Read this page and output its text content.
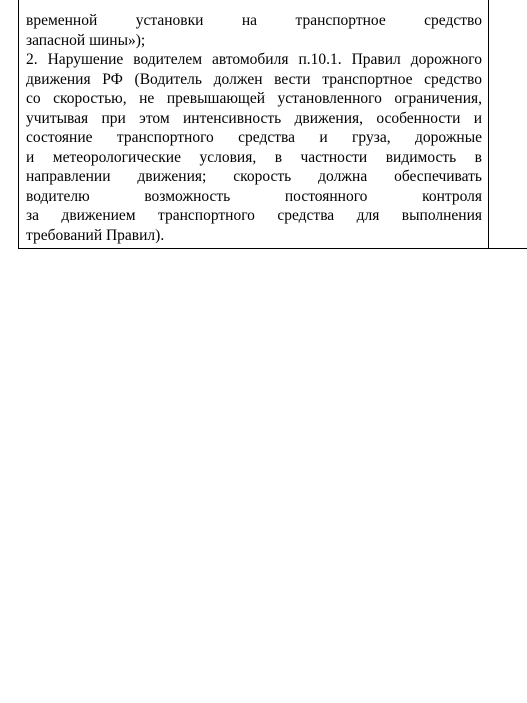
временной установки на транспортное средство
запасной шины»);
2. Нарушение водителем автомобиля п.10.1. Правил дорожного
движения РФ (Водитель должен вести транспортное средство
со скоростью, не превышающей установленного ограничения,
учитывая при этом интенсивность движения, особенности и
состояние транспортного средства и груза, дорожные
и метеорологические условия, в частности видимость в
направлении движения; скорость должна обеспечивать
водителю возможность постоянного контроля
за движением транспортного средства для выполнения
требований Правил).
